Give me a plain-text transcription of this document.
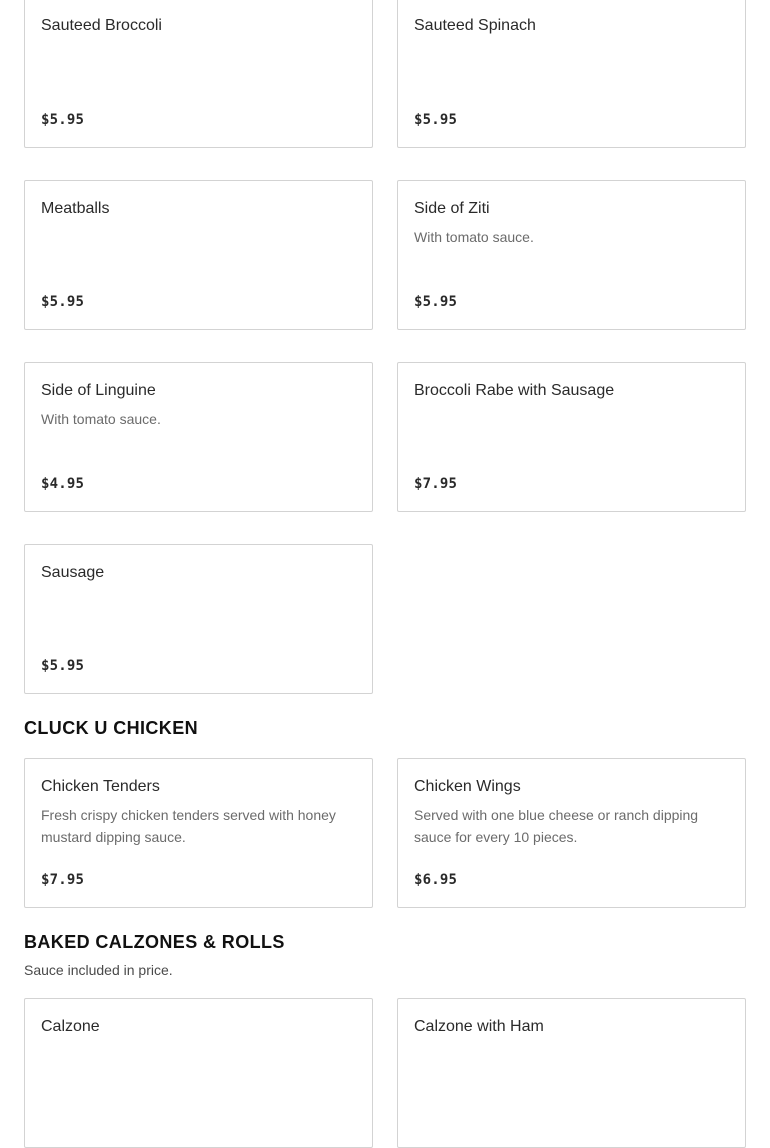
Sauteed Broccoli
$5.95
Sauteed Spinach
$5.95
Meatballs
$5.95
Side of Ziti
With tomato sauce.
$5.95
Side of Linguine
With tomato sauce.
$4.95
Broccoli Rabe with Sausage
$7.95
Sausage
$5.95
CLUCK U CHICKEN
Chicken Tenders
Fresh crispy chicken tenders served with honey mustard dipping sauce.
$7.95
Chicken Wings
Served with one blue cheese or ranch dipping sauce for every 10 pieces.
$6.95
BAKED CALZONES & ROLLS
Sauce included in price.
Calzone	Calzone with Ham
